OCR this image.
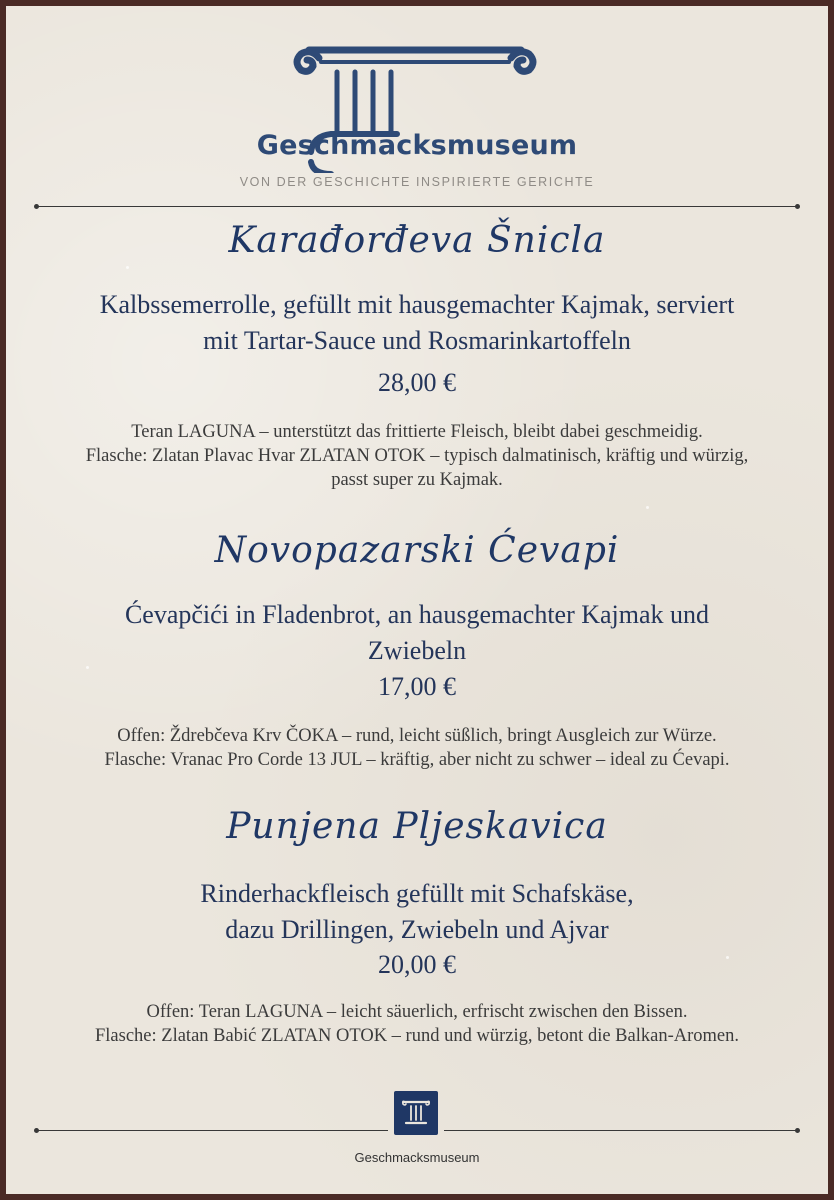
Geschmacksmuseum
VON DER GESCHICHTE INSPIRIERTE GERICHTE
Karađorđeva Šnicla
Kalbssemerrolle, gefüllt mit hausgemachter Kajmak, serviert
mit Tartar-Sauce und Rosmarinkartoffeln
28,00 €
Teran LAGUNA – unterstützt das frittierte Fleisch, bleibt dabei geschmeidig.
Flasche: Zlatan Plavac Hvar ZLATAN OTOK – typisch dalmatinisch, kräftig und würzig,
passt super zu Kajmak.
Novopazarski Ćevapi
Ćevapčići in Fladenbrot, an hausgemachter Kajmak und
Zwiebeln
17,00 €
Offen: Ždrebčeva Krv ČOKA – rund, leicht süßlich, bringt Ausgleich zur Würze.
Flasche: Vranac Pro Corde 13 JUL – kräftig, aber nicht zu schwer – ideal zu Ćevapi.
Punjena Pljeskavica
Rinderhackfleisch gefüllt mit Schafskäse,
dazu Drillingen, Zwiebeln und Ajvar
20,00 €
Offen: Teran LAGUNA – leicht säuerlich, erfrischt zwischen den Bissen.
Flasche: Zlatan Babić ZLATAN OTOK – rund und würzig, betont die Balkan-Aromen.
Geschmacksmuseum
